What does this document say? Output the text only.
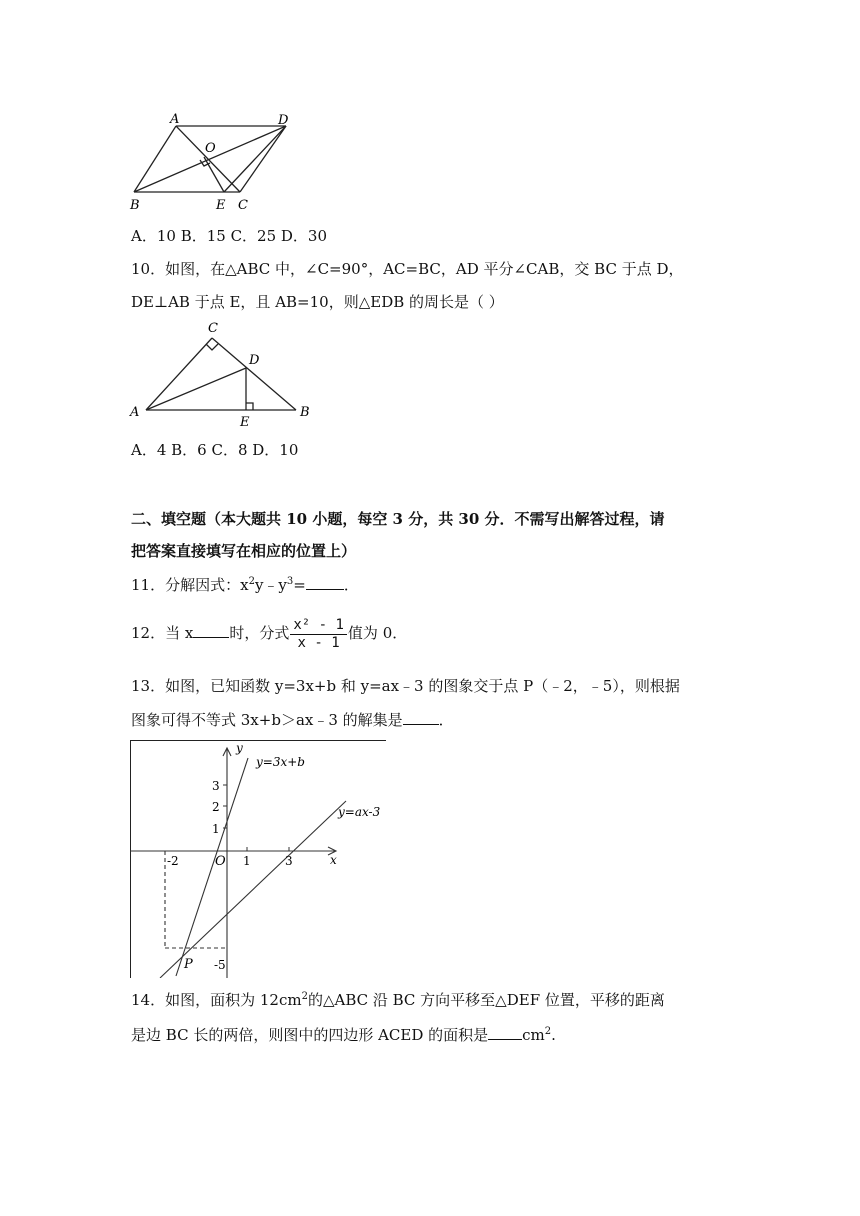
A	D
O
B	E C
A．10 B．15 C．25 D．30
10．如图，在△ABC 中，∠C=90°，AC=BC，AD 平分∠CAB，交 BC 于点 D，
DE⊥AB 于点 E，且 AB=10，则△EDB 的周长是（ ）
C
D
A
E
B
A．4 B．6 C．8 D．10
二、填空题（本大题共 10 小题，每空 3 分，共 30 分．不需写出解答过程，请
把答案直接填写在相应的位置上）
11．分解因式：$x^2y﹣y^3=$	．
12．当 x 时，分式 $\frac{\text{x² - 1}}{x - 1}$ 值为 0．
13．如图，已知函数 y=3x+b 和 y=ax﹣3 的图象交于点 P（﹣2，﹣5），则根据
图象可得不等式 3x+b＞ax﹣3 的解集是 ．
y
x
y=3x+b
y=ax-3
3
2
1
-5
-2	1	3
O
P
14．如图，面积为 $12cm^2$的△ABC 沿 BC 方向平移至△DEF 位置，平移的距离
是边 BC 长的两倍，则图中的四边形 ACED 的面积是 $cm^2$.
